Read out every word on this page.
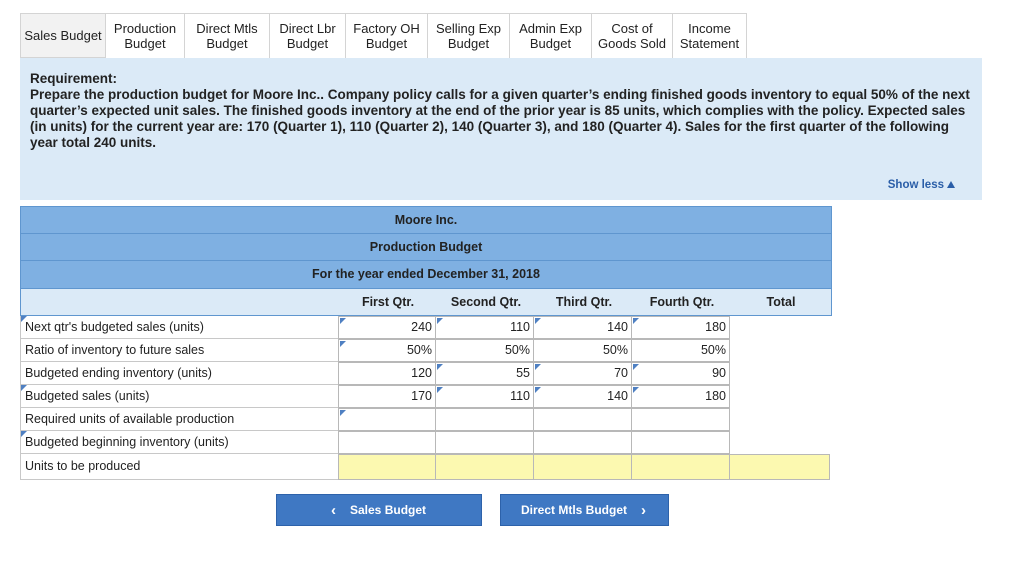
Sales Budget Production
Budget
Direct Mtls
Budget
Direct Lbr
Budget
Factory OH
Budget
Selling Exp
Budget
Admin Exp
Budget
Cost of
Goods Sold
Income
Statement
Requirement:
Prepare the production budget for Moore Inc.. Company policy calls for a given quarter’s ending finished goods inventory to equal 50% of the next quarter’s expected unit sales. The finished goods inventory at the end of the prior year is 85 units, which complies with the policy. Expected sales (in units) for the current year are: 170 (Quarter 1), 110 (Quarter 2), 140 (Quarter 3), and 180 (Quarter 4). Sales for the first quarter of the following year total 240 units.
Show less
Moore Inc.
Production Budget
For the year ended December 31, 2018
First Qtr.	Second Qtr.	Third Qtr.	Fourth Qtr.	Total
Next qtr's budgeted sales (units)	240	110	140	180
Ratio of inventory to future sales	50%	50%	50%	50%
Budgeted ending inventory (units)	120	55	70	90
Budgeted sales (units)	170	110	140	180
Required units of available production
Budgeted beginning inventory (units)
Units to be produced
‹ Sales Budget	Direct Mtls Budget ›
